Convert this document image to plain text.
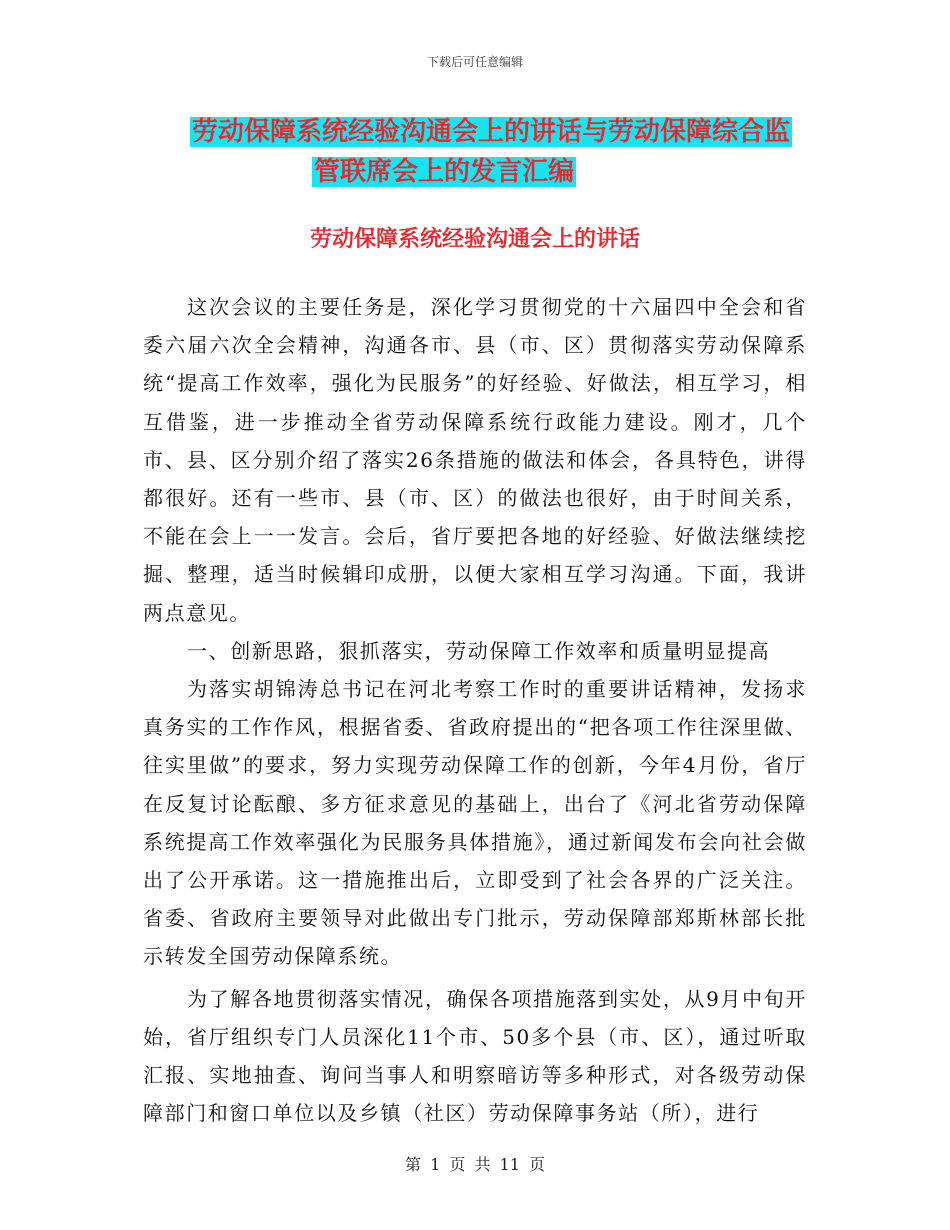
下载后可任意编辑
劳动保障系统经验沟通会上的讲话与劳动保障综合监
管联席会上的发言汇编
劳动保障系统经验沟通会上的讲话

这次会议的主要任务是，深化学习贯彻党的十六届四中全会和省委六届六次全会精神，沟通各市、县（市、区）贯彻落实劳动保障系统“提高工作效率，强化为民服务”的好经验、好做法，相互学习，相互借鉴，进一步推动全省劳动保障系统行政能力建设。刚才，几个市、县、区分别介绍了落实26条措施的做法和体会，各具特色，讲得都很好。还有一些市、县（市、区）的做法也很好，由于时间关系，不能在会上一一发言。会后，省厅要把各地的好经验、好做法继续挖掘、整理，适当时候辑印成册，以便大家相互学习沟通。下面，我讲两点意见。

一、创新思路，狠抓落实，劳动保障工作效率和质量明显提高

为落实胡锦涛总书记在河北考察工作时的重要讲话精神，发扬求真务实的工作作风，根据省委、省政府提出的“把各项工作往深里做、往实里做”的要求，努力实现劳动保障工作的创新，今年4月份，省厅在反复讨论酝酿、多方征求意见的基础上，出台了《河北省劳动保障系统提高工作效率强化为民服务具体措施》，通过新闻发布会向社会做出了公开承诺。这一措施推出后，立即受到了社会各界的广泛关注。省委、省政府主要领导对此做出专门批示，劳动保障部郑斯林部长批示转发全国劳动保障系统。

为了解各地贯彻落实情况，确保各项措施落到实处，从9月中旬开始，省厅组织专门人员深化11个市、50多个县（市、区），通过听取汇报、实地抽查、询问当事人和明察暗访等多种形式，对各级劳动保障部门和窗口单位以及乡镇（社区）劳动保障事务站（所），进行

第 1 页 共 11 页
